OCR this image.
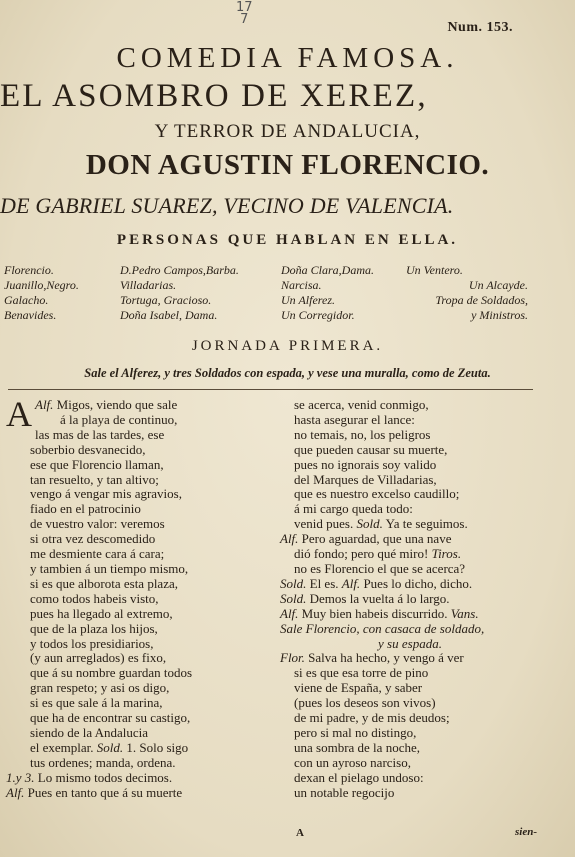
17
7
Num. 153.
COMEDIA FAMOSA.
EL ASOMBRO DE XEREZ,
Y TERROR DE ANDALUCIA,
DON AGUSTIN FLORENCIO.
DE GABRIEL SUAREZ, VECINO DE VALENCIA.
PERSONAS QUE HABLAN EN ELLA.
Florencio.
Juanillo,Negro.
Galacho.
Benavides.
D.Pedro Campos,Barba.
Villadarias.
Tortuga, Gracioso.
Doña Isabel, Dama.
Doña Clara,Dama.
Narcisa.
Un Alferez.
Un Corregidor.
Un Ventero.
Un Alcayde.
Tropa de Soldados,
y Ministros.
JORNADA PRIMERA.
Sale el Alferez, y tres Soldados con espada, y vese una muralla, como de Zeuta.
Alf.
A Migos, viendo que sale
á la playa de continuo,
las mas de las tardes, ese
soberbio desvanecido,
ese que Florencio llaman,
tan resuelto, y tan altivo;
vengo á vengar mis agravios,
fiado en el patrocinio
de vuestro valor: veremos
si otra vez descomedido
me desmiente cara á cara;
y tambien á un tiempo mismo,
si es que alborota esta plaza,
como todos habeis visto,
pues ha llegado al extremo,
que de la plaza los hijos,
y todos los presidiarios,
(y aun arreglados) es fixo,
que á su nombre guardan todos
gran respeto; y asi os digo,
si es que sale á la marina,
que ha de encontrar su castigo,
siendo de la Andalucia
el exemplar. Sold. 1. Solo sigo
tus ordenes; manda, ordena.
1.y 3. Lo mismo todos decimos.
Alf. Pues en tanto que á su muerte
se acerca, venid conmigo,
hasta asegurar el lance:
no temais, no, los peligros
que pueden causar su muerte,
pues no ignorais soy valido
del Marques de Villadarias,
que es nuestro excelso caudillo;
á mi cargo queda todo:
venid pues. Sold. Ya te seguimos.
Alf. Pero aguardad, que una nave
dió fondo; pero qué miro! Tiros.
no es Florencio el que se acerca?
Sold. El es. Alf. Pues lo dicho, dicho.
Sold. Demos la vuelta á lo largo.
Alf. Muy bien habeis discurrido. Vans.
Sale Florencio, con casaca de soldado,
y su espada.
Flor. Salva ha hecho, y vengo á ver
si es que esa torre de pino
viene de España, y saber
(pues los deseos son vivos)
de mi padre, y de mis deudos;
pero si mal no distingo,
una sombra de la noche,
con un ayroso narciso,
dexan el pielago undoso:
un notable regocijo
A	sien-
